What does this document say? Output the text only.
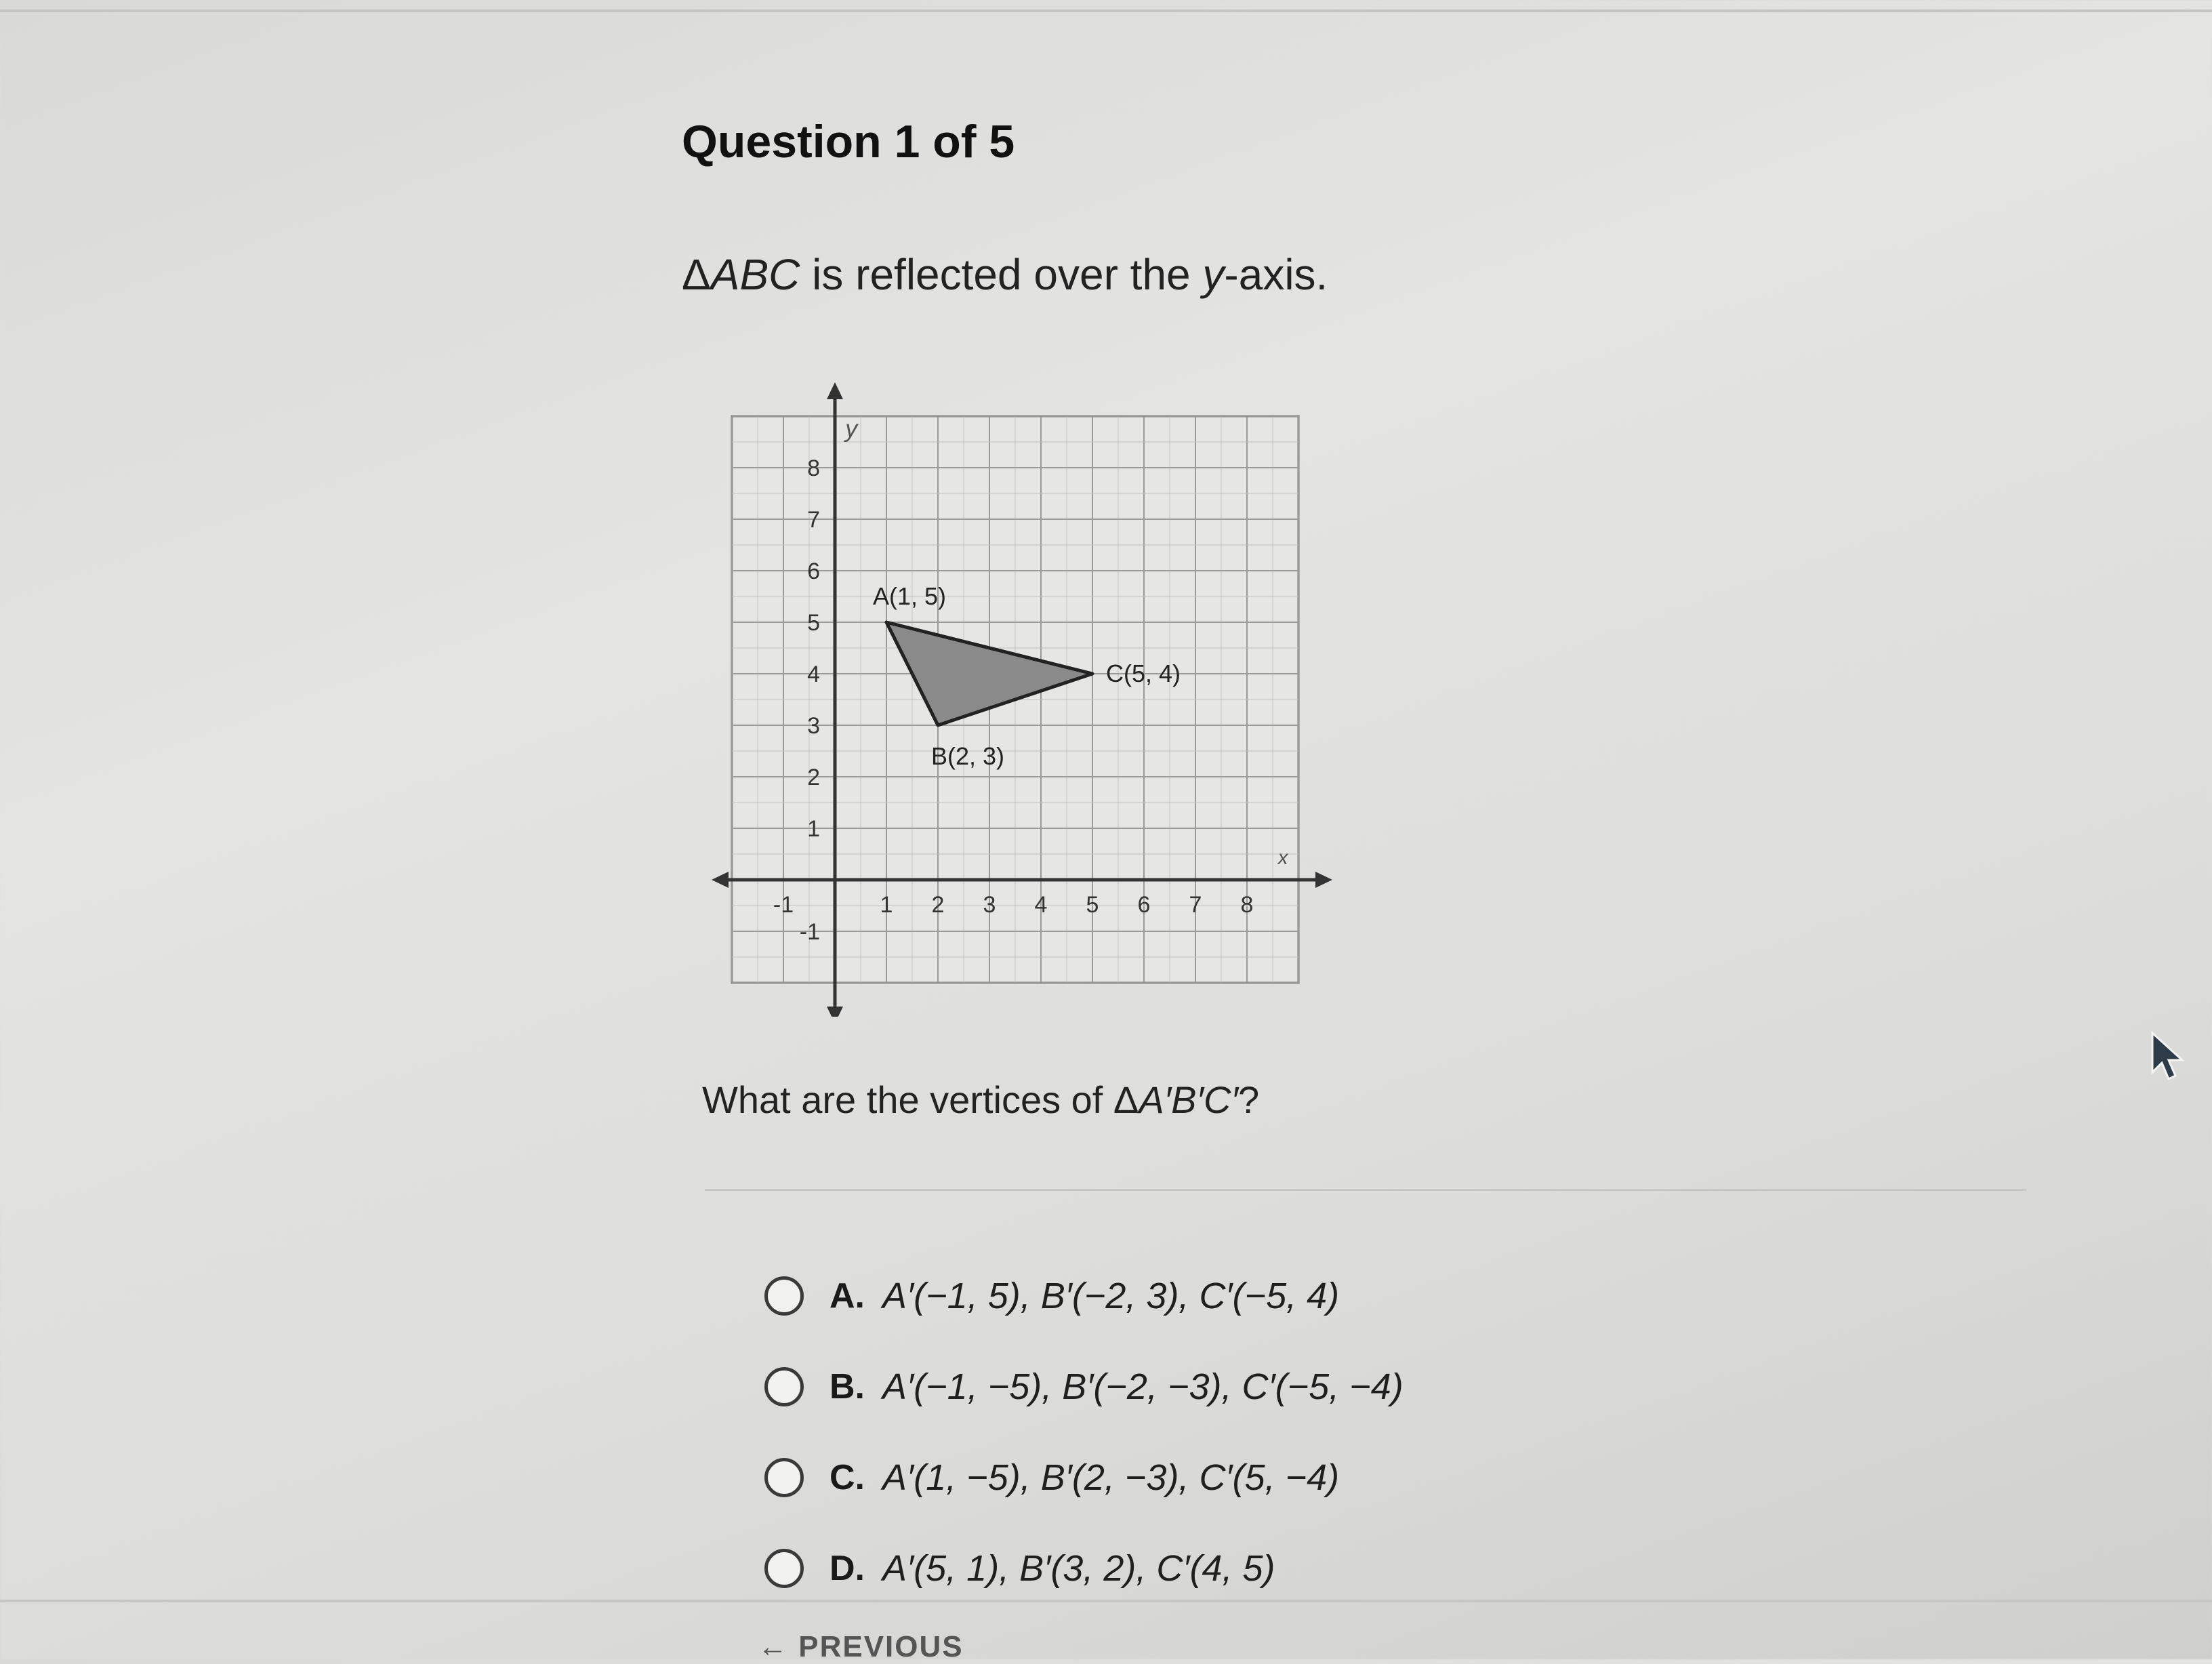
Question 1 of 5
ΔABC is reflected over the y-axis.
x
y
-1	1 2 3 4 5 6 7 8
-1
1
2
3
4
5
6
7
8
A(1, 5)
B(2, 3)
C(5, 4)
What are the vertices of ΔA′B′C′?
A. A′(−1, 5), B′(−2, 3), C′(−5, 4)
B. A′(−1, −5), B′(−2, −3), C′(−5, −4)
C. A′(1, −5), B′(2, −3), C′(5, −4)
D. A′(5, 1), B′(3, 2), C′(4, 5)
← PREVIOUS
